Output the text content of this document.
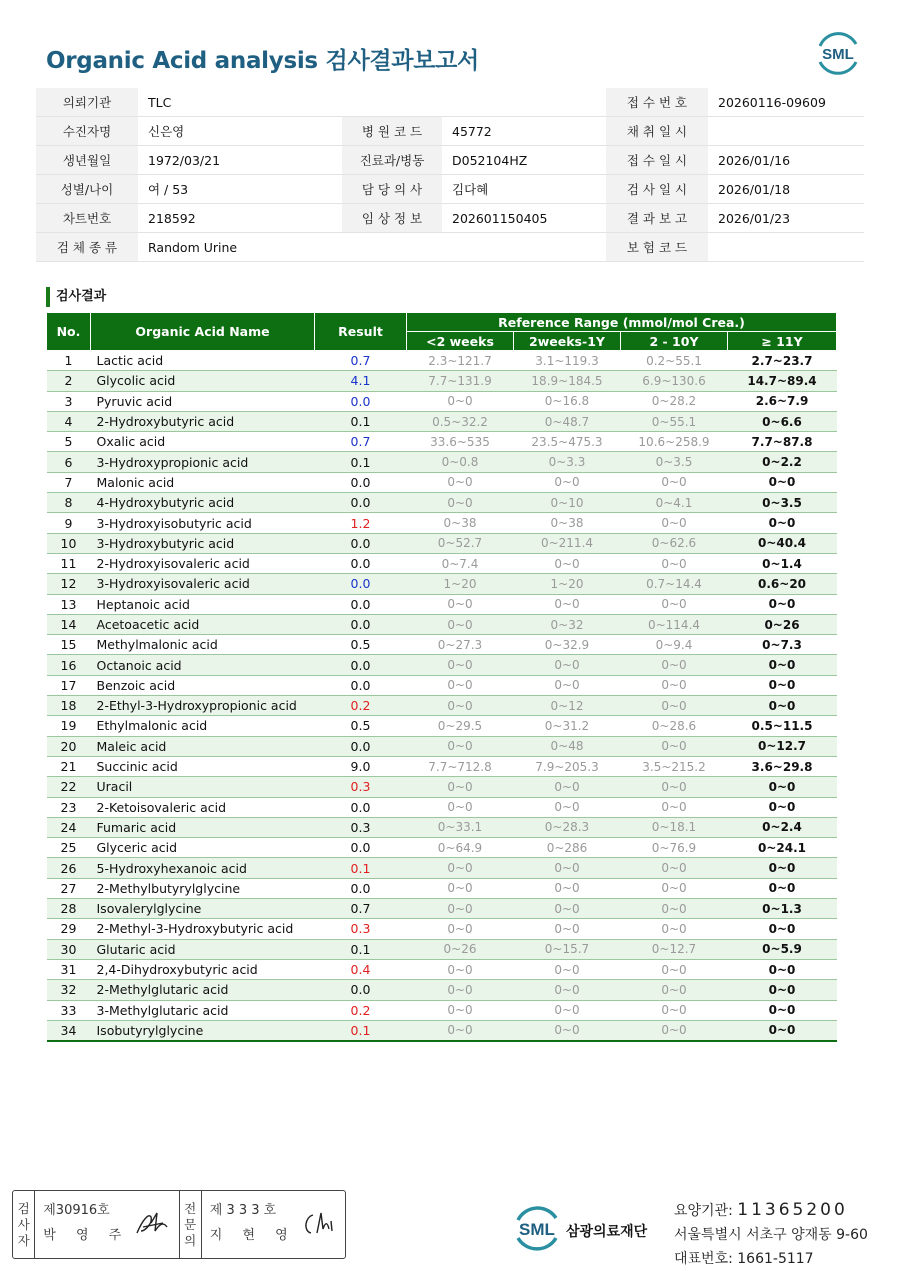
Organic Acid analysis 검사결과보고서	SML
의뢰기관	TLC			접 수 번 호	20260116-09609
수진자명	신은영	병 원 코 드	45772	채 취 일 시	
생년월일	1972/03/21	진료과/병동	D052104HZ	접 수 일 시	2026/01/16
성별/나이	여 / 53	담 당 의 사	김다혜	검 사 일 시	2026/01/18
차트번호	218592	임 상 정 보	202601150405	결 과 보 고	2026/01/23
검 체 종 류	Random Urine			보 험 코 드	
검사결과
No.	Organic Acid Name	Result	Reference Range (mmol/mol Crea.)			
			<2 weeks	2weeks-1Y	2 - 10Y	≥ 11Y
1	Lactic acid	0.7	2.3~121.7	3.1~119.3	0.2~55.1	2.7~23.7
2	Glycolic acid	4.1	7.7~131.9	18.9~184.5	6.9~130.6	14.7~89.4
3	Pyruvic acid	0.0	0~0	0~16.8	0~28.2	2.6~7.9
4	2-Hydroxybutyric acid	0.1	0.5~32.2	0~48.7	0~55.1	0~6.6
5	Oxalic acid	0.7	33.6~535	23.5~475.3	10.6~258.9	7.7~87.8
6	3-Hydroxypropionic acid	0.1	0~0.8	0~3.3	0~3.5	0~2.2
7	Malonic acid	0.0	0~0	0~0	0~0	0~0
8	4-Hydroxybutyric acid	0.0	0~0	0~10	0~4.1	0~3.5
9	3-Hydroxyisobutyric acid	1.2	0~38	0~38	0~0	0~0
10	3-Hydroxybutyric acid	0.0	0~52.7	0~211.4	0~62.6	0~40.4
11	2-Hydroxyisovaleric acid	0.0	0~7.4	0~0	0~0	0~1.4
12	3-Hydroxyisovaleric acid	0.0	1~20	1~20	0.7~14.4	0.6~20
13	Heptanoic acid	0.0	0~0	0~0	0~0	0~0
14	Acetoacetic acid	0.0	0~0	0~32	0~114.4	0~26
15	Methylmalonic acid	0.5	0~27.3	0~32.9	0~9.4	0~7.3
16	Octanoic acid	0.0	0~0	0~0	0~0	0~0
17	Benzoic acid	0.0	0~0	0~0	0~0	0~0
18	2-Ethyl-3-Hydroxypropionic acid	0.2	0~0	0~12	0~0	0~0
19	Ethylmalonic acid	0.5	0~29.5	0~31.2	0~28.6	0.5~11.5
20	Maleic acid	0.0	0~0	0~48	0~0	0~12.7
21	Succinic acid	9.0	7.7~712.8	7.9~205.3	3.5~215.2	3.6~29.8
22	Uracil	0.3	0~0	0~0	0~0	0~0
23	2-Ketoisovaleric acid	0.0	0~0	0~0	0~0	0~0
24	Fumaric acid	0.3	0~33.1	0~28.3	0~18.1	0~2.4
25	Glyceric acid	0.0	0~64.9	0~286	0~76.9	0~24.1
26	5-Hydroxyhexanoic acid	0.1	0~0	0~0	0~0	0~0
27	2-Methylbutyrylglycine	0.0	0~0	0~0	0~0	0~0
28	Isovalerylglycine	0.7	0~0	0~0	0~0	0~1.3
29	2-Methyl-3-Hydroxybutyric acid	0.3	0~0	0~0	0~0	0~0
30	Glutaric acid	0.1	0~26	0~15.7	0~12.7	0~5.9
31	2,4-Dihydroxybutyric acid	0.4	0~0	0~0	0~0	0~0
32	2-Methylglutaric acid	0.0	0~0	0~0	0~0	0~0
33	3-Methylglutaric acid	0.2	0~0	0~0	0~0	0~0
34	Isobutyrylglycine	0.1	0~0	0~0	0~0	0~0
검
사
자
제30916호
박 영 주
전
문
의
제 3 3 3 호
지 현 영	SML 삼광의료재단
요양기관: 11365200
서울특별시 서초구 양재동 9-60
대표번호: 1661-5117
